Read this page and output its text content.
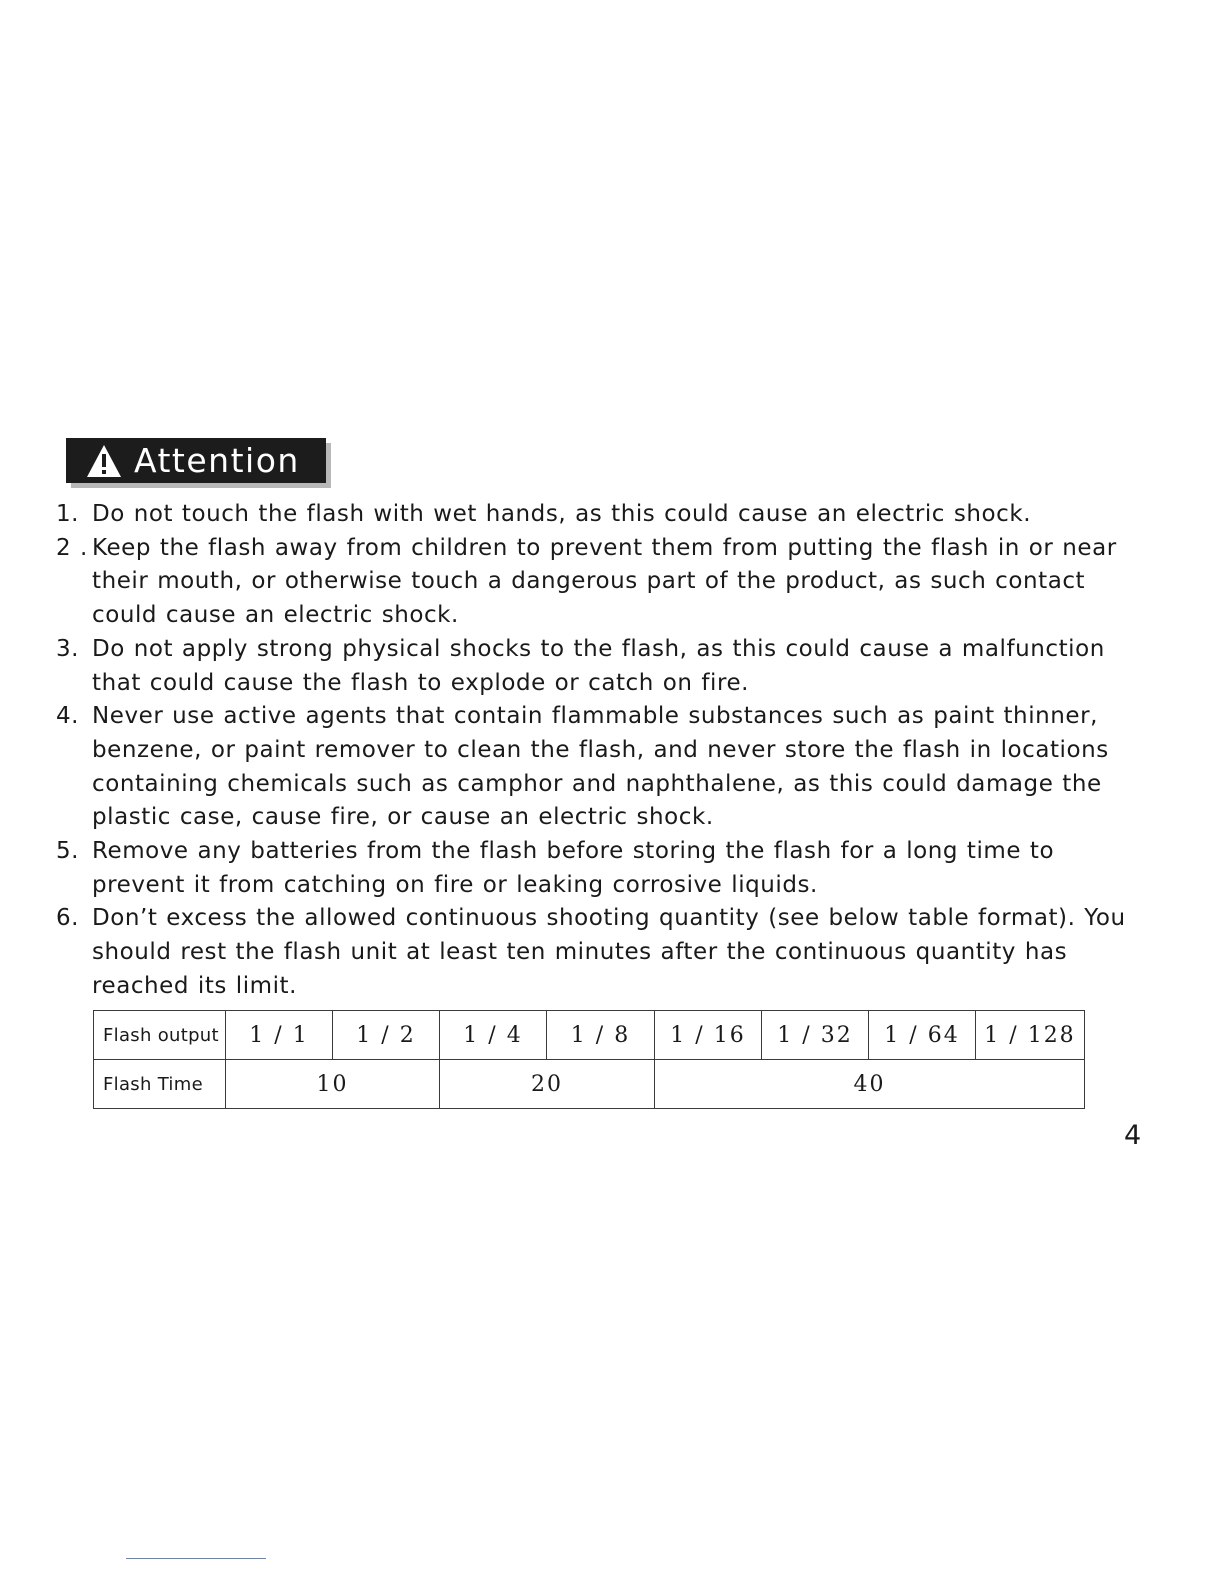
Attention
1. Do not touch the flash with wet hands, as this could cause an electric shock.
2 . Keep the flash away from children to prevent them from putting the flash in or near their mouth, or otherwise touch a dangerous part of the product, as such contact could cause an electric shock.
3. Do not apply strong physical shocks to the flash, as this could cause a malfunction that could cause the flash to explode or catch on fire.
4. Never use active agents that contain flammable substances such as paint thinner, benzene, or paint remover to clean the flash, and never store the flash in locations containing chemicals such as camphor and naphthalene, as this could damage the plastic case, cause fire, or cause an electric shock.
5. Remove any batteries from the flash before storing the flash for a long time to prevent it from catching on fire or leaking corrosive liquids.
6. Don’t excess the allowed continuous shooting quantity (see below table format). You should rest the flash unit at least ten minutes after the continuous quantity has reached its limit.
Flash output	1 / 1	1 / 2	1 / 4	1 / 8	1 / 16	1 / 32	1 / 64	1 / 128
Flash Time	10		20		40			
4
